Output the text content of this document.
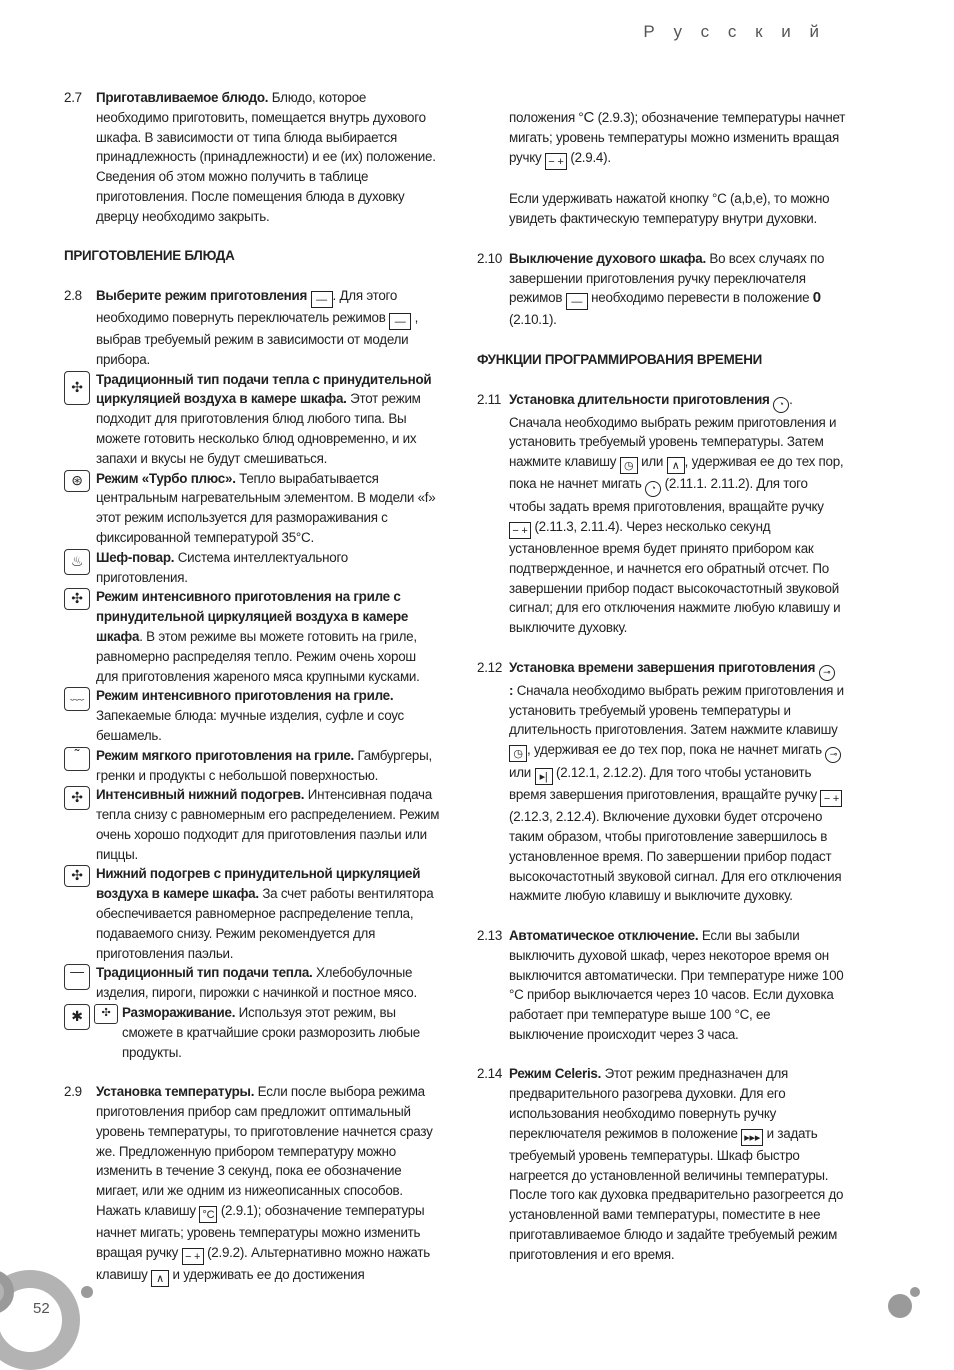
Р у с с к и й
2.7 Приготавливаемое блюдо. Блюдо, которое необходимо приготовить, помещается внутрь духового шкафа. В зависимости от типа блюда выбирается принадлежность (принадлежности) и ее (их) положение. Сведения об этом можно получить в таблице приготовления. После помещения блюда в духовку дверцу необходимо закрыть.
ПРИГОТОВЛЕНИЕ БЛЮДА
2.8 Выберите режим приготовления — . Для этого необходимо повернуть переключатель режимов — , выбрав требуемый режим в зависимости от модели прибора.
✣ Традиционный тип подачи тепла с принудительной циркуляцией воздуха в камере шкафа. Этот режим подходит для приготовления блюд любого типа. Вы можете готовить несколько блюд одновременно, и их запахи и вкусы не будут смешиваться.
⊛ Режим «Турбо плюс». Тепло вырабатывается центральным нагревательным элементом. В модели «f» этот режим используется для размораживания с фиксированной температурой 35°C.
♨ Шеф-повар. Система интеллектуального приготовления.
✣ Режим интенсивного приготовления на гриле с принудительной циркуляцией воздуха в камере шкафа. В этом режиме вы можете готовить на гриле, равномерно распределяя тепло. Режим очень хорош для приготовления жареного мяса крупными кусками.
﹏ Режим интенсивного приготовления на гриле. Запекаемые блюда: мучные изделия, суфле и соус бешамель.
˜	Режим мягкого приготовления на гриле. Гамбургеры, гренки и продукты с небольшой поверхностью.
✣ Интенсивный нижний подогрев. Интенсивная подача тепла снизу с равномерным его распределением. Режим очень хорошо подходит для приготовления паэльи или пиццы.
✣ Нижний подогрев с принудительной циркуляцией воздуха в камере шкафа. За счет работы вентилятора обеспечивается равномерное распределение тепла, подаваемого снизу. Режим рекомендуется для приготовления паэльи.
— Традиционный тип подачи тепла. Хлебобулочные изделия, пироги, пирожки с начинкой и постное мясо.
✱	✣ Размораживание. Используя этот режим, вы сможете в кратчайшие сроки разморозить любые продукты.
2.9 Установка температуры. Если после выбора режима приготовления прибор сам предложит оптимальный уровень температуры, то приготовление начнется сразу же. Предложенную прибором температуру можно изменить в течение 3 секунд, пока ее обозначение мигает, или же одним из нижеописанных способов. Нажать клавишу °C (2.9.1); обозначение температуры начнет мигать; уровень температуры можно изменить вращая ручку − + (2.9.2). Альтернативно можно нажать клавишу ∧ и удерживать ее до достижения
положения °C (2.9.3); обозначение температуры начнет мигать; уровень температуры можно изменить вращая ручку − + (2.9.4).
Если удерживать нажатой кнопку °C (a,b,e), то можно увидеть фактическую температуру внутри духовки.
2.10 Выключение духового шкафа. Во всех случаях по завершении приготовления ручку переключателя режимов — необходимо перевести в положение 0 (2.10.1).
ФУНКЦИИ ПРОГРАММИРОВАНИЯ ВРЕМЕНИ
2.11 Установка длительности приготовления ◔ . Сначала необходимо выбрать режим приготовления и установить требуемый уровень температуры. Затем нажмите клавишу ◷ или ∧ , удерживая ее до тех пор, пока не начнет мигать ◔ (2.11.1. 2.11.2). Для того чтобы задать время приготовления, вращайте ручку − + (2.11.3, 2.11.4). Через несколько секунд установленное время будет принято прибором как подтвержденное, и начнется его обратный отсчет. По завершении прибор подаст высокочастотный звуковой сигнал; для его отключения нажмите любую клавишу и выключите духовку.
2.12 Установка времени завершения приготовления ⊸
: Сначала необходимо выбрать режим приготовления и установить требуемый уровень температуры и длительность приготовления. Затем нажмите клавишу ◷ , удерживая ее до тех пор, пока не начнет мигать ⊸ или ▸| (2.12.1, 2.12.2). Для того чтобы установить время завершения приготовления, вращайте ручку − + (2.12.3, 2.12.4). Включение духовки будет отсрочено таким образом, чтобы приготовление завершилось в установленное время. По завершении прибор подаст высокочастотный звуковой сигнал. Для его отключения нажмите любую клавишу и выключите духовку.
2.13 Автоматическое отключение. Если вы забыли выключить духовой шкаф, через некоторое время он выключится автоматически. При температуре ниже 100 °C прибор выключается через 10 часов. Если духовка работает при температуре выше 100 °C, ее выключение происходит через 3 часа.
2.14 Режим Celeris. Этот режим предназначен для предварительного разогрева духовки. Для его использования необходимо повернуть ручку переключателя режимов в положение ▸▸▸ и задать требуемый уровень температуры. Шкаф быстро нагреется до установленной величины температуры. После того как духовка предварительно разогреется до установленной вами температуры, поместите в нее приготавливаемое блюдо и задайте требуемый режим приготовления и его время.
52
